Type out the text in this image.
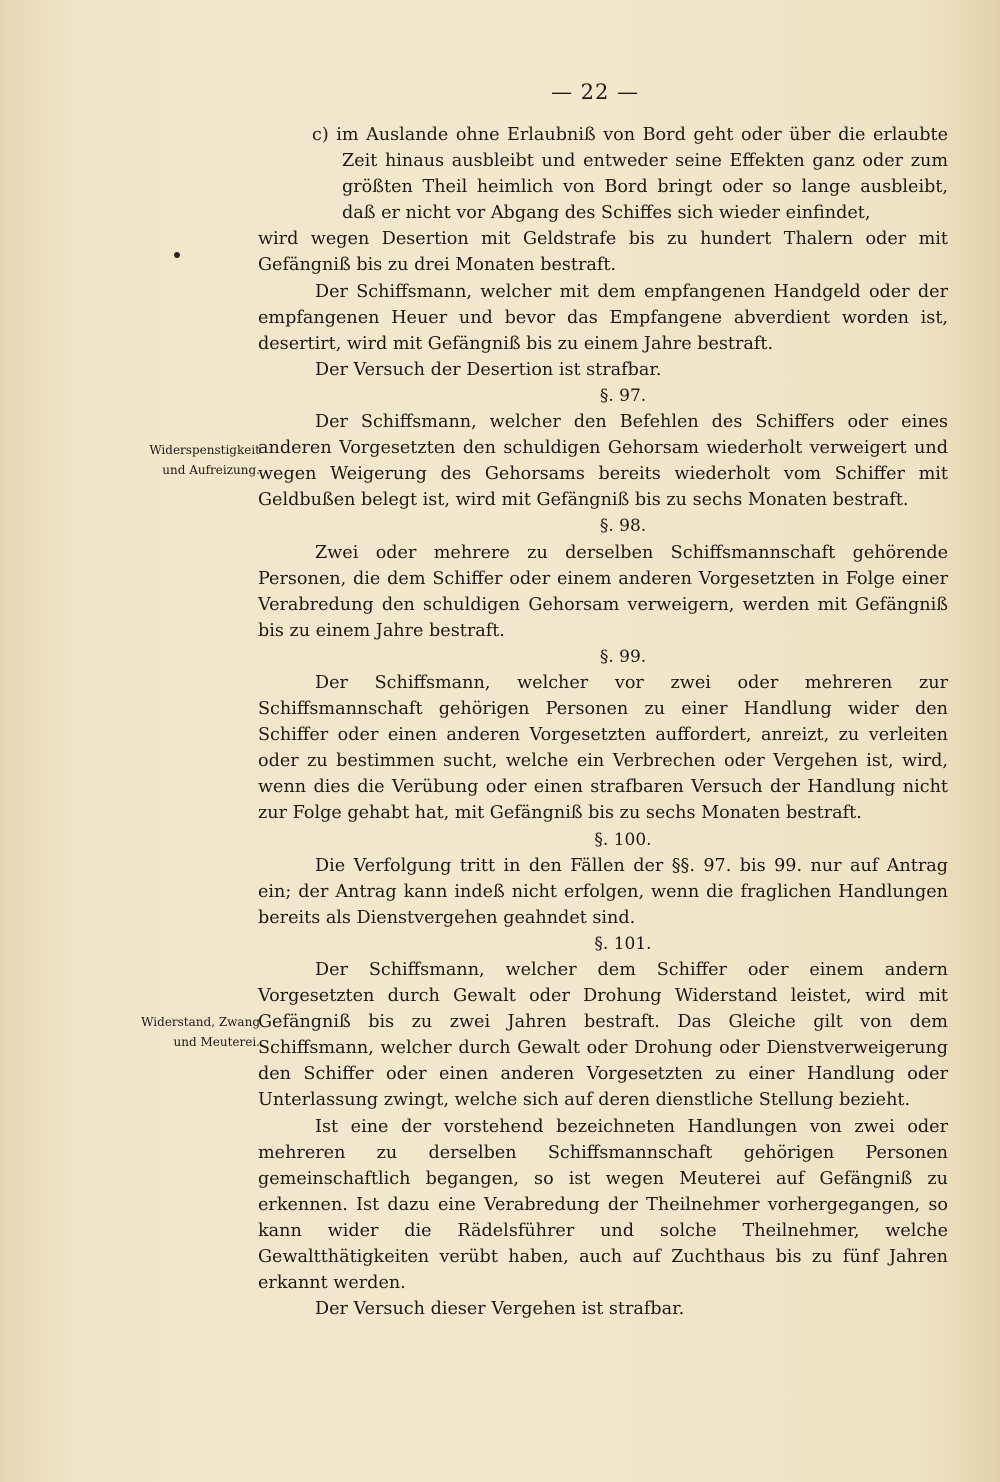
— 22 —
Widerspenstigkeit
und Aufreizung.
Widerstand, Zwang
und Meuterei.

c) im Auslande ohne Erlaubniß von Bord geht oder über die erlaubte Zeit hinaus ausbleibt und entweder seine Effekten ganz oder zum größten Theil heimlich von Bord bringt oder so lange ausbleibt, daß er nicht vor Abgang des Schiffes sich wieder einfindet,

wird wegen Desertion mit Geldstrafe bis zu hundert Thalern oder mit Gefängniß bis zu drei Monaten bestraft.

Der Schiffsmann, welcher mit dem empfangenen Handgeld oder der empfangenen Heuer und bevor das Empfangene abverdient worden ist, desertirt, wird mit Gefängniß bis zu einem Jahre bestraft.

Der Versuch der Desertion ist strafbar.

§. 97.

Der Schiffsmann, welcher den Befehlen des Schiffers oder eines anderen Vorgesetzten den schuldigen Gehorsam wiederholt verweigert und wegen Weigerung des Gehorsams bereits wiederholt vom Schiffer mit Geldbußen belegt ist, wird mit Gefängniß bis zu sechs Monaten bestraft.

§. 98.

Zwei oder mehrere zu derselben Schiffsmannschaft gehörende Personen, die dem Schiffer oder einem anderen Vorgesetzten in Folge einer Verabredung den schuldigen Gehorsam verweigern, werden mit Gefängniß bis zu einem Jahre bestraft.

§. 99.

Der Schiffsmann, welcher vor zwei oder mehreren zur Schiffsmannschaft gehörigen Personen zu einer Handlung wider den Schiffer oder einen anderen Vorgesetzten auffordert, anreizt, zu verleiten oder zu bestimmen sucht, welche ein Verbrechen oder Vergehen ist, wird, wenn dies die Verübung oder einen strafbaren Versuch der Handlung nicht zur Folge gehabt hat, mit Gefängniß bis zu sechs Monaten bestraft.

§. 100.

Die Verfolgung tritt in den Fällen der §§. 97. bis 99. nur auf Antrag ein; der Antrag kann indeß nicht erfolgen, wenn die fraglichen Handlungen bereits als Dienstvergehen geahndet sind.

§. 101.

Der Schiffsmann, welcher dem Schiffer oder einem andern Vorgesetzten durch Gewalt oder Drohung Widerstand leistet, wird mit Gefängniß bis zu zwei Jahren bestraft. Das Gleiche gilt von dem Schiffsmann, welcher durch Gewalt oder Drohung oder Dienstverweigerung den Schiffer oder einen anderen Vorgesetzten zu einer Handlung oder Unterlassung zwingt, welche sich auf deren dienstliche Stellung bezieht.

Ist eine der vorstehend bezeichneten Handlungen von zwei oder mehreren zu derselben Schiffsmannschaft gehörigen Personen gemeinschaftlich begangen, so ist wegen Meuterei auf Gefängniß zu erkennen. Ist dazu eine Verabredung der Theilnehmer vorhergegangen, so kann wider die Rädelsführer und solche Theilnehmer, welche Gewaltthätigkeiten verübt haben, auch auf Zuchthaus bis zu fünf Jahren erkannt werden.

Der Versuch dieser Vergehen ist strafbar.
